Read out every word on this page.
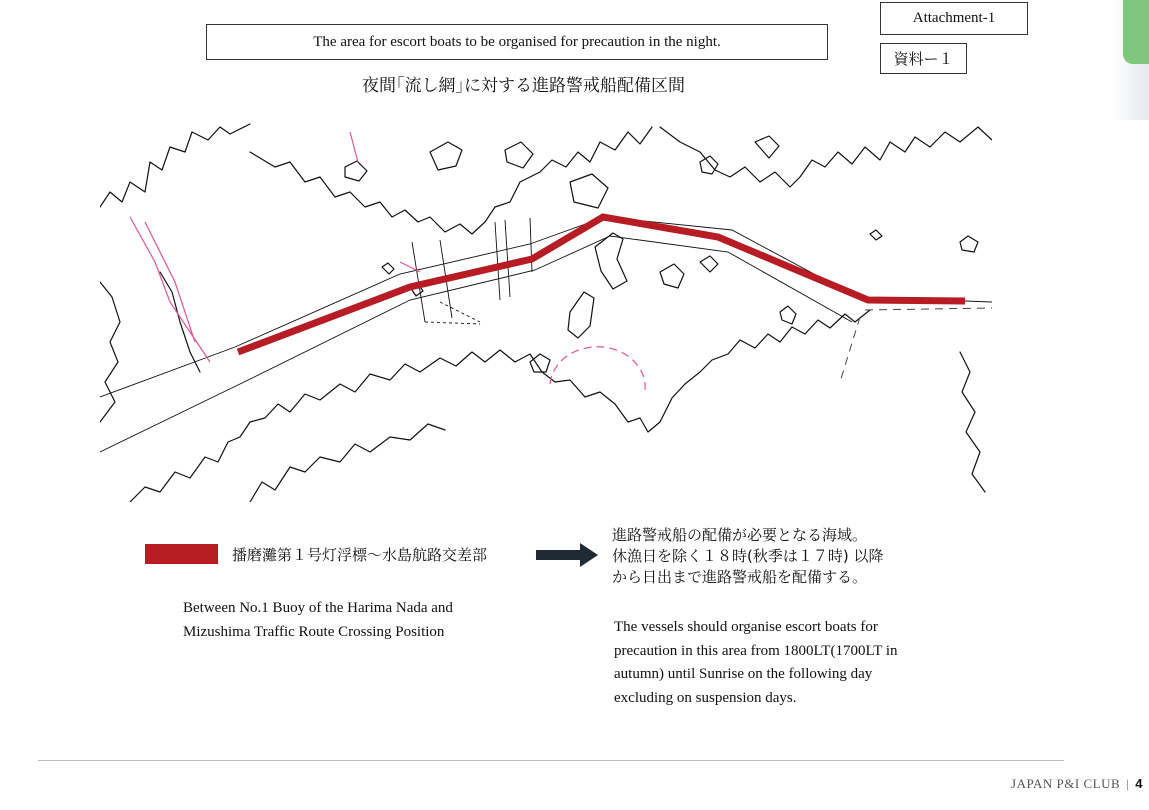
The area for escort boats to be organised for precaution in the night.
Attachment-1
資料ー１
夜間｢流し網｣に対する進路警戒船配備区間
播磨灘第１号灯浮標～水島航路交差部
進路警戒船の配備が必要となる海域。
休漁日を除く１８時(秋季は１７時) 以降
から日出まで進路警戒船を配備する。
Between No.1 Buoy of the Harima Nada and
Mizushima Traffic Route Crossing Position	The vessels should organise escort boats for
precaution in this area from 1800LT(1700LT in
autumn) until Sunrise on the following day
excluding on suspension days.
JAPAN P&I CLUB | 4
